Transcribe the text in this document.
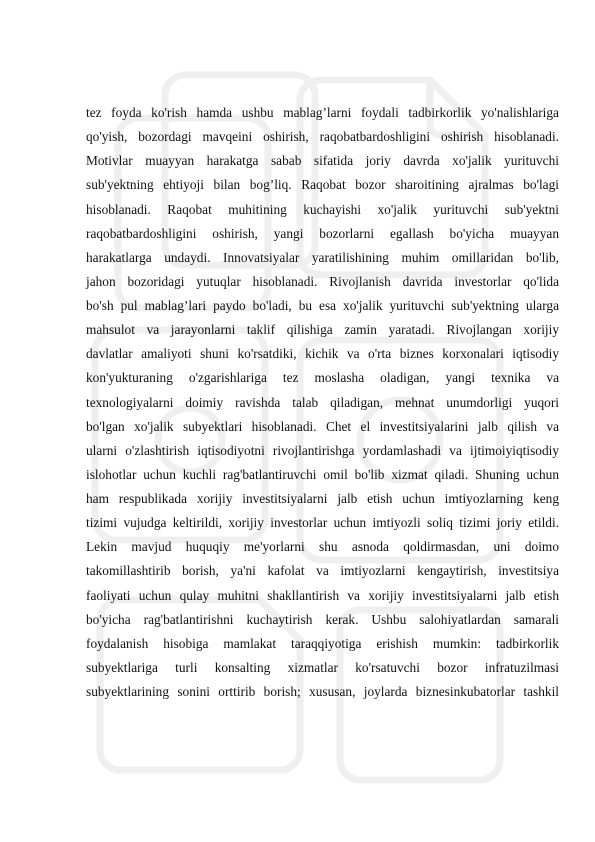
tez foyda ko'rish hamda ushbu mablag’larni foydali tadbirkorlik yo'nalishlariga
qo'yish, bozordagi mavqeini oshirish, raqobatbardoshligini oshirish hisoblanadi.
Motivlar muayyan harakatga sabab sifatida joriy davrda xo'jalik yurituvchi
sub'yektning ehtiyoji bilan bog’liq. Raqobat bozor sharoitining ajralmas bo'lagi
hisoblanadi. Raqobat muhitining kuchayishi xo'jalik yurituvchi sub'yektni
raqobatbardoshligini oshirish, yangi bozorlarni egallash bo'yicha muayyan
harakatlarga undaydi. Innovatsiyalar yaratilishining muhim omillaridan bo'lib,
jahon bozoridagi yutuqlar hisoblanadi. Rivojlanish davrida investorlar qo'lida
bo'sh pul mablag’lari paydo bo'ladi, bu esa xo'jalik yurituvchi sub'yektning ularga
mahsulot va jarayonlarni taklif qilishiga zamin yaratadi. Rivojlangan xorijiy
davlatlar amaliyoti shuni ko'rsatdiki, kichik va o'rta biznes korxonalari iqtisodiy
kon'yukturaning o'zgarishlariga tez moslasha oladigan, yangi texnika va
texnologiyalarni doimiy ravishda talab qiladigan, mehnat unumdorligi yuqori
bo'lgan xo'jalik subyektlari hisoblanadi. Chet el investitsiyalarini jalb qilish va
ularni o'zlashtirish iqtisodiyotni rivojlantirishga yordamlashadi va ijtimoiyiqtisodiy
islohotlar uchun kuchli rag'batlantiruvchi omil bo'lib xizmat qiladi. Shuning uchun
ham respublikada xorijiy investitsiyalarni jalb etish uchun imtiyozlarning keng
tizimi vujudga keltirildi, xorijiy investorlar uchun imtiyozli soliq tizimi joriy etildi.
Lekin mavjud huquqiy me'yorlarni shu asnoda qoldirmasdan, uni doimo
takomillashtirib borish, ya'ni kafolat va imtiyozlarni kengaytirish, investitsiya
faoliyati uchun qulay muhitni shakllantirish va xorijiy investitsiyalarni jalb etish
bo'yicha rag'batlantirishni kuchaytirish kerak. Ushbu salohiyatlardan samarali
foydalanish hisobiga mamlakat taraqqiyotiga erishish mumkin: tadbirkorlik
subyektlariga turli konsalting xizmatlar ko'rsatuvchi bozor infratuzilmasi
subyektlarining sonini orttirib borish; xususan, joylarda biznesinkubatorlar tashkil
